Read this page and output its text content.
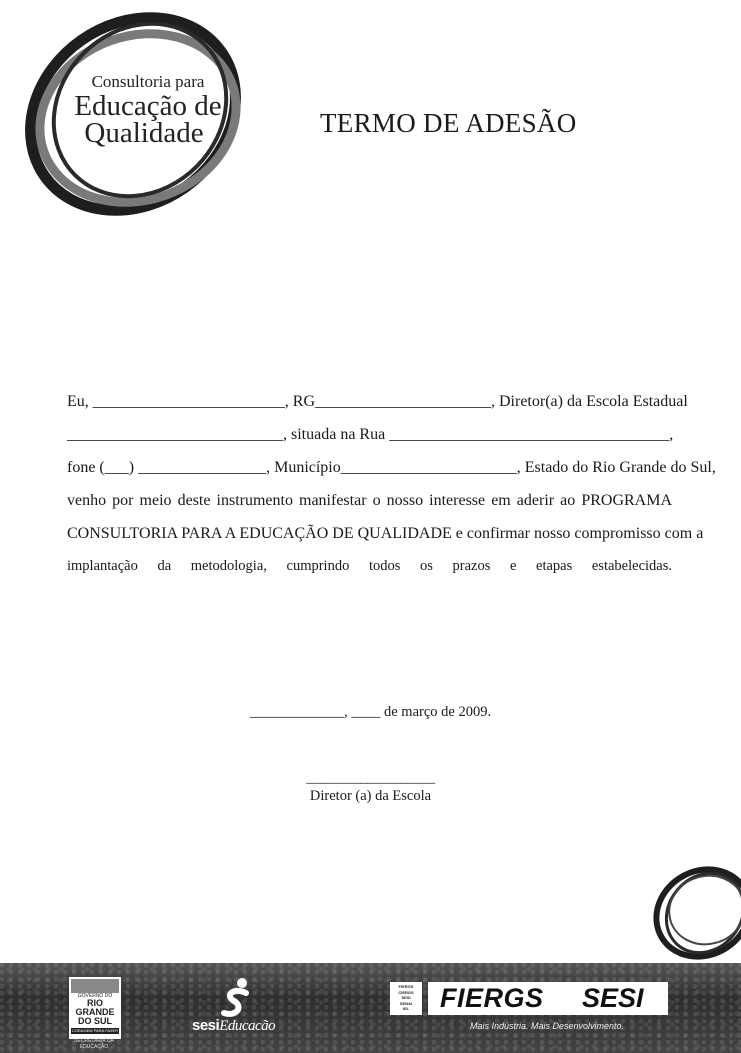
Consultoria para
Educação de
Qualidade	TERMO DE ADESÃO
Eu, ________________________, RG______________________, Diretor(a) da Escola Estadual
___________________________, situada na Rua ___________________________________,
fone (___) ________________, Município______________________, Estado do Rio Grande do Sul,
venho por meio deste instrumento manifestar o nosso interesse em aderir ao PROGRAMA
CONSULTORIA PARA A EDUCAÇÃO DE QUALIDADE e confirmar nosso compromisso com a
implantação da metodologia, cumprindo todos os prazos e etapas estabelecidas.
_____________, ____ de março de 2009.
___________________
Diretor (a) da Escola
GOVERNO DO
RIO GRANDE
DO SUL
CORAGEM PARA FAZER
SECRETARIA DA EDUCAÇÃO
sesiEducacão
FIERGS
CIERGS
SESI
SENAI
IEL	FIERGS SESI
Mais Indústria. Mais Desenvolvimento.
